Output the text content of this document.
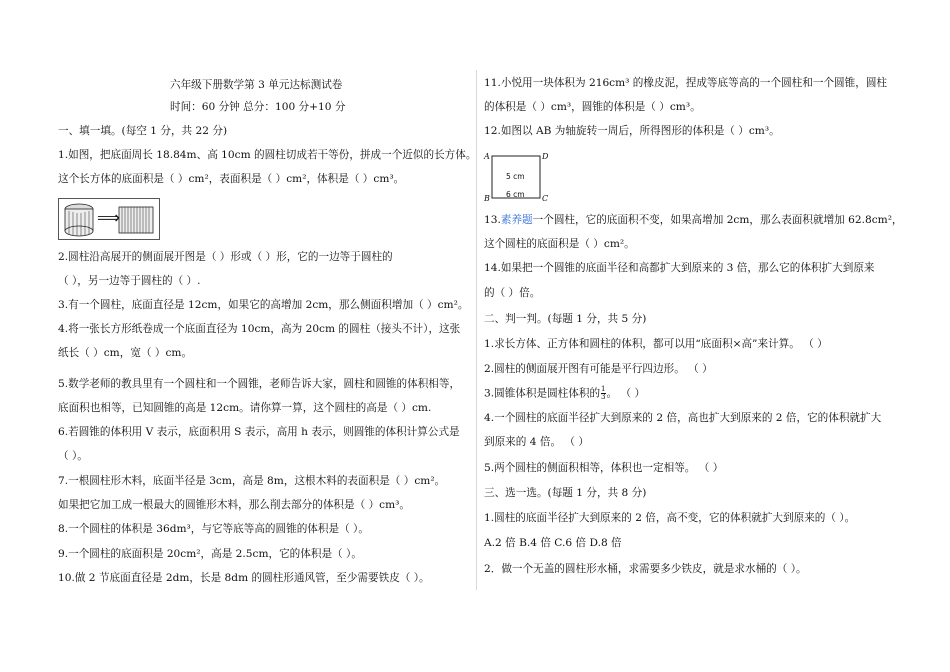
六年级下册数学第 3 单元达标测试卷
时间：60 分钟 总分：100 分+10 分
一、填一填。(每空 1 分，共 22 分)
1.如图，把底面周长 18.84m、高 10cm 的圆柱切成若干等份，拼成一个近似的长方体。
这个长方体的底面积是（ ）cm²，表面积是（ ）cm²，体积是（ ）cm³。
⟹
2.圆柱沿高展开的侧面展开图是（ ）形或（ ）形，它的一边等于圆柱的
（ ），另一边等于圆柱的（ ）.
3.有一个圆柱，底面直径是 12cm，如果它的高增加 2cm，那么侧面积增加（ ）cm²。
4.将一张长方形纸卷成一个底面直径为 10cm，高为 20cm 的圆柱（接头不计），这张
纸长（ ）cm，宽（ ）cm。
5.数学老师的教具里有一个圆柱和一个圆锥，老师告诉大家，圆柱和圆锥的体积相等，
底面积也相等，已知圆锥的高是 12cm。请你算一算，这个圆柱的高是（ ）cm.
6.若圆锥的体积用 V 表示，底面积用 S 表示，高用 h 表示，则圆锥的体积计算公式是
（ ）。
7.一根圆柱形木料，底面半径是 3cm，高是 8m，这根木料的表面积是（ ）cm²。
如果把它加工成一根最大的圆锥形木料，那么削去部分的体积是（ ）cm³。
8.一个圆柱的体积是 36dm³，与它等底等高的圆锥的体积是（ ）。
9.一个圆柱的底面积是 20cm²，高是 2.5cm，它的体积是（ ）。
10.做 2 节底面直径是 2dm，长是 8dm 的圆柱形通风管，至少需要铁皮（ ）。
11.小悦用一块体积为 216cm³ 的橡皮泥，捏成等底等高的一个圆柱和一个圆锥，圆柱
的体积是（ ）cm³，圆锥的体积是（ ）cm³。
12.如图以 AB 为轴旋转一周后，所得图形的体积是（ ）cm³。
A	D
B	C
5 cm
6 cm
13.素养题一个圆柱，它的底面积不变，如果高增加 2cm，那么表面积就增加 62.8cm²，
这个圆柱的底面积是（ ）cm²。
14.如果把一个圆锥的底面半径和高都扩大到原来的 3 倍，那么它的体积扩大到原来
的（ ）倍。
二、判一判。(每题 1 分，共 5 分)
1.求长方体、正方体和圆柱的体积，都可以用“底面积×高”来计算。 （ ）
2.圆柱的侧面展开图有可能是平行四边形。 （ ）
3.圆锥体积是圆柱体积的 $\frac{1}{3}$ 。 （ ）
4.一个圆柱的底面半径扩大到原来的 2 倍，高也扩大到原来的 2 倍，它的体积就扩大
到原来的 4 倍。 （ ）
5.两个圆柱的侧面积相等，体积也一定相等。 （ ）
三、选一选。(每题 1 分，共 8 分)
1.圆柱的底面半径扩大到原来的 2 倍，高不变，它的体积就扩大到原来的（ ）。
A.2 倍 B.4 倍 C.6 倍 D.8 倍
2．做一个无盖的圆柱形水桶，求需要多少铁皮，就是求水桶的（ ）。
